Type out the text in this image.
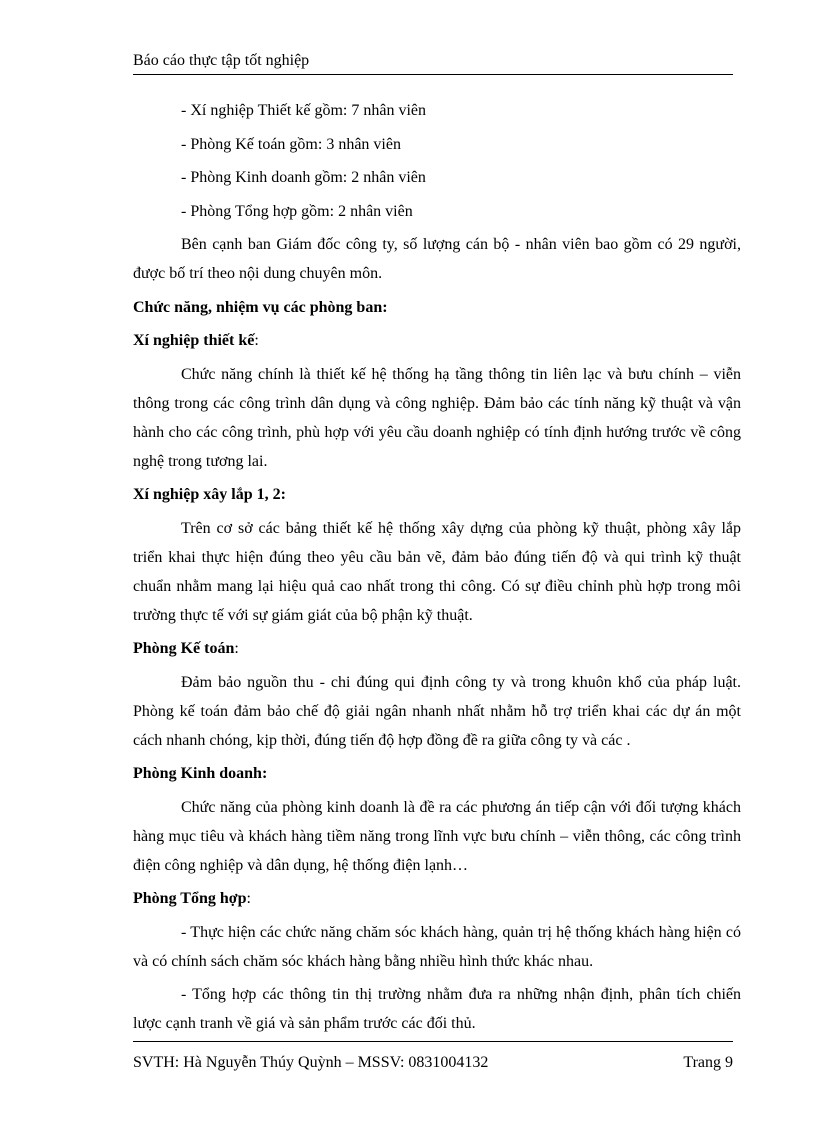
Báo cáo thực tập tốt nghiệp

- Xí nghiệp Thiết kế gồm: 7 nhân viên

- Phòng Kế toán gồm: 3 nhân viên

- Phòng Kinh doanh gồm: 2 nhân viên

- Phòng Tổng hợp gồm: 2 nhân viên

Bên cạnh ban Giám đốc công ty, số lượng cán bộ - nhân viên bao gồm có 29 người, được bố trí theo nội dung chuyên môn.

Chức năng, nhiệm vụ các phòng ban:

Xí nghiệp thiết kế:

Chức năng chính là thiết kế hệ thống hạ tầng thông tin liên lạc và bưu chính – viễn thông trong các công trình dân dụng và công nghiệp. Đảm bảo các tính năng kỹ thuật và vận hành cho các công trình, phù hợp với yêu cầu doanh nghiệp có tính định hướng trước về công nghệ trong tương lai.

Xí nghiệp xây lắp 1, 2:

Trên cơ sở các bảng thiết kế hệ thống xây dựng của phòng kỹ thuật, phòng xây lắp triển khai thực hiện đúng theo yêu cầu bản vẽ, đảm bảo đúng tiến độ và qui trình kỹ thuật chuẩn nhằm mang lại hiệu quả cao nhất trong thi công. Có sự điều chỉnh phù hợp trong môi trường thực tế với sự giám giát của bộ phận kỹ thuật.

Phòng Kế toán:

Đảm bảo nguồn thu - chi đúng qui định công ty và trong khuôn khổ của pháp luật. Phòng kế toán đảm bảo chế độ giải ngân nhanh nhất nhằm hỗ trợ triển khai các dự án một cách nhanh chóng, kịp thời, đúng tiến độ hợp đồng đề ra giữa công ty và các .

Phòng Kinh doanh:

Chức năng của phòng kinh doanh là đề ra các phương án tiếp cận với đối tượng khách hàng mục tiêu và khách hàng tiềm năng trong lĩnh vực bưu chính – viễn thông, các công trình điện công nghiệp và dân dụng, hệ thống điện lạnh…

Phòng Tổng hợp:

- Thực hiện các chức năng chăm sóc khách hàng, quản trị hệ thống khách hàng hiện có và có chính sách chăm sóc khách hàng bằng nhiều hình thức khác nhau.

- Tổng hợp các thông tin thị trường nhằm đưa ra những nhận định, phân tích chiến lược cạnh tranh về giá và sản phẩm trước các đối thủ.

SVTH: Hà Nguyễn Thúy Quỳnh – MSSV: 0831004132	Trang 9
